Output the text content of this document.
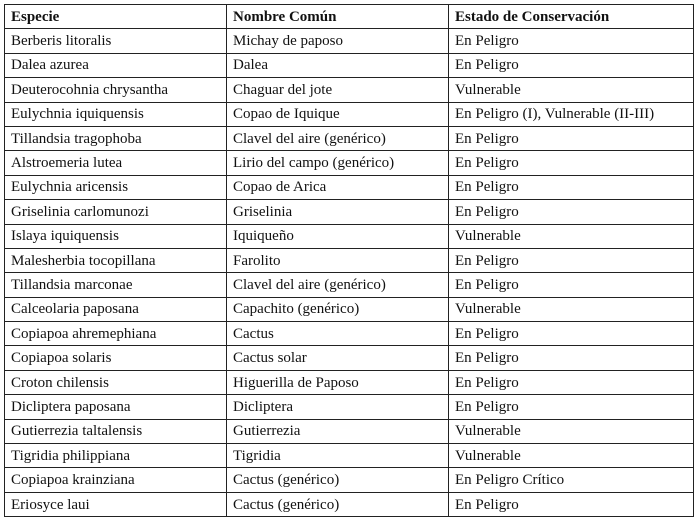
Especie	Nombre Común	Estado de Conservación
Berberis litoralis	Michay de paposo	En Peligro
Dalea azurea	Dalea	En Peligro
Deuterocohnia chrysantha	Chaguar del jote	Vulnerable
Eulychnia iquiquensis	Copao de Iquique	En Peligro (I), Vulnerable (II-III)
Tillandsia tragophoba	Clavel del aire (genérico)	En Peligro
Alstroemeria lutea	Lirio del campo (genérico)	En Peligro
Eulychnia aricensis	Copao de Arica	En Peligro
Griselinia carlomunozi	Griselinia	En Peligro
Islaya iquiquensis	Iquiqueño	Vulnerable
Malesherbia tocopillana	Farolito	En Peligro
Tillandsia marconae	Clavel del aire (genérico)	En Peligro
Calceolaria paposana	Capachito (genérico)	Vulnerable
Copiapoa ahremephiana	Cactus	En Peligro
Copiapoa solaris	Cactus solar	En Peligro
Croton chilensis	Higuerilla de Paposo	En Peligro
Dicliptera paposana	Dicliptera	En Peligro
Gutierrezia taltalensis	Gutierrezia	Vulnerable
Tigridia philippiana	Tigridia	Vulnerable
Copiapoa krainziana	Cactus (genérico)	En Peligro Crítico
Eriosyce laui	Cactus (genérico)	En Peligro
